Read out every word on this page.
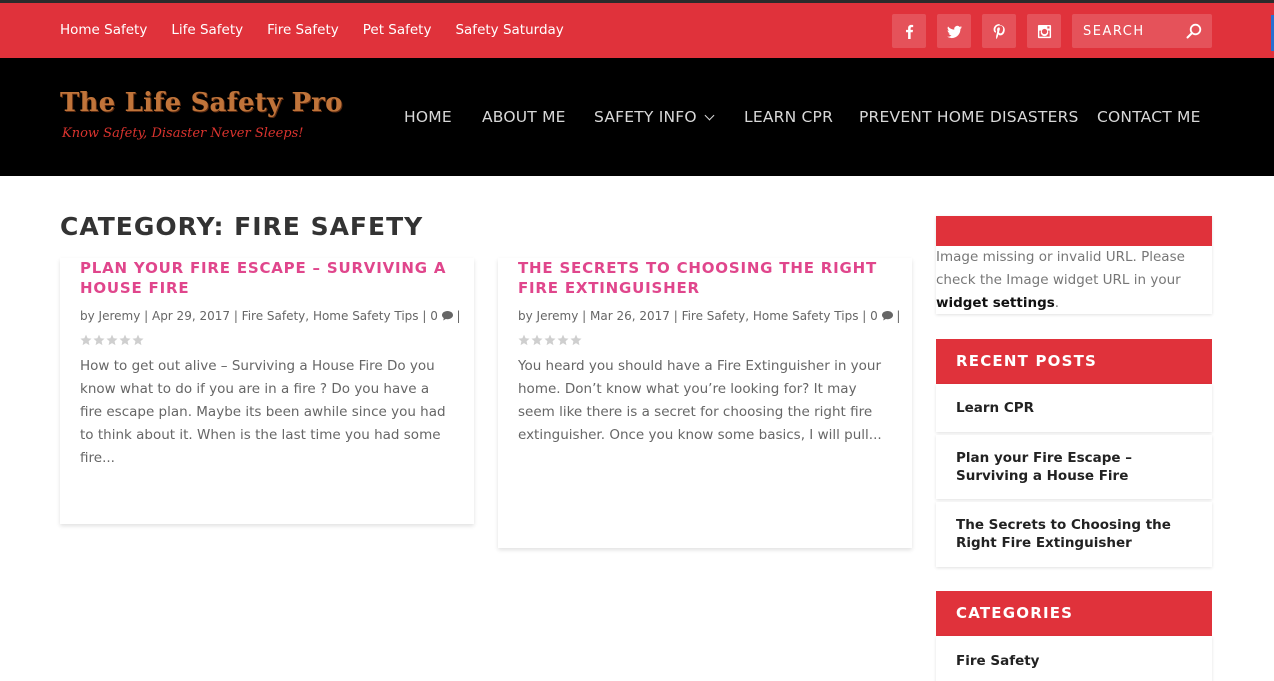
Home Safety Life Safety Fire Safety Pet Safety Safety Saturday
SEARCH
The Life Safety Pro
Know Safety, Disaster Never Sleeps!
HOME ABOUT ME SAFETY INFO	LEARN CPR PREVENT HOME DISASTERS CONTACT ME
CATEGORY: FIRE SAFETY
PLAN YOUR FIRE ESCAPE – SURVIVING A HOUSE FIRE
by Jeremy | Apr 29, 2017 | Fire Safety, Home Safety Tips | 0  |
How to get out alive – Surviving a House Fire Do you know what to do if you are in a fire ? Do you have a fire escape plan. Maybe its been awhile since you had to think about it. When is the last time you had some fire...
THE SECRETS TO CHOOSING THE RIGHT FIRE EXTINGUISHER
by Jeremy | Mar 26, 2017 | Fire Safety, Home Safety Tips | 0  |
You heard you should have a Fire Extinguisher in your home. Don’t know what you’re looking for? It may seem like there is a secret for choosing the right fire extinguisher. Once you know some basics, I will pull...
Image missing or invalid URL. Please check the Image widget URL in your widget settings.
RECENT POSTS
Learn CPR
Plan your Fire Escape – Surviving a House Fire
The Secrets to Choosing the Right Fire Extinguisher
CATEGORIES
Fire Safety
